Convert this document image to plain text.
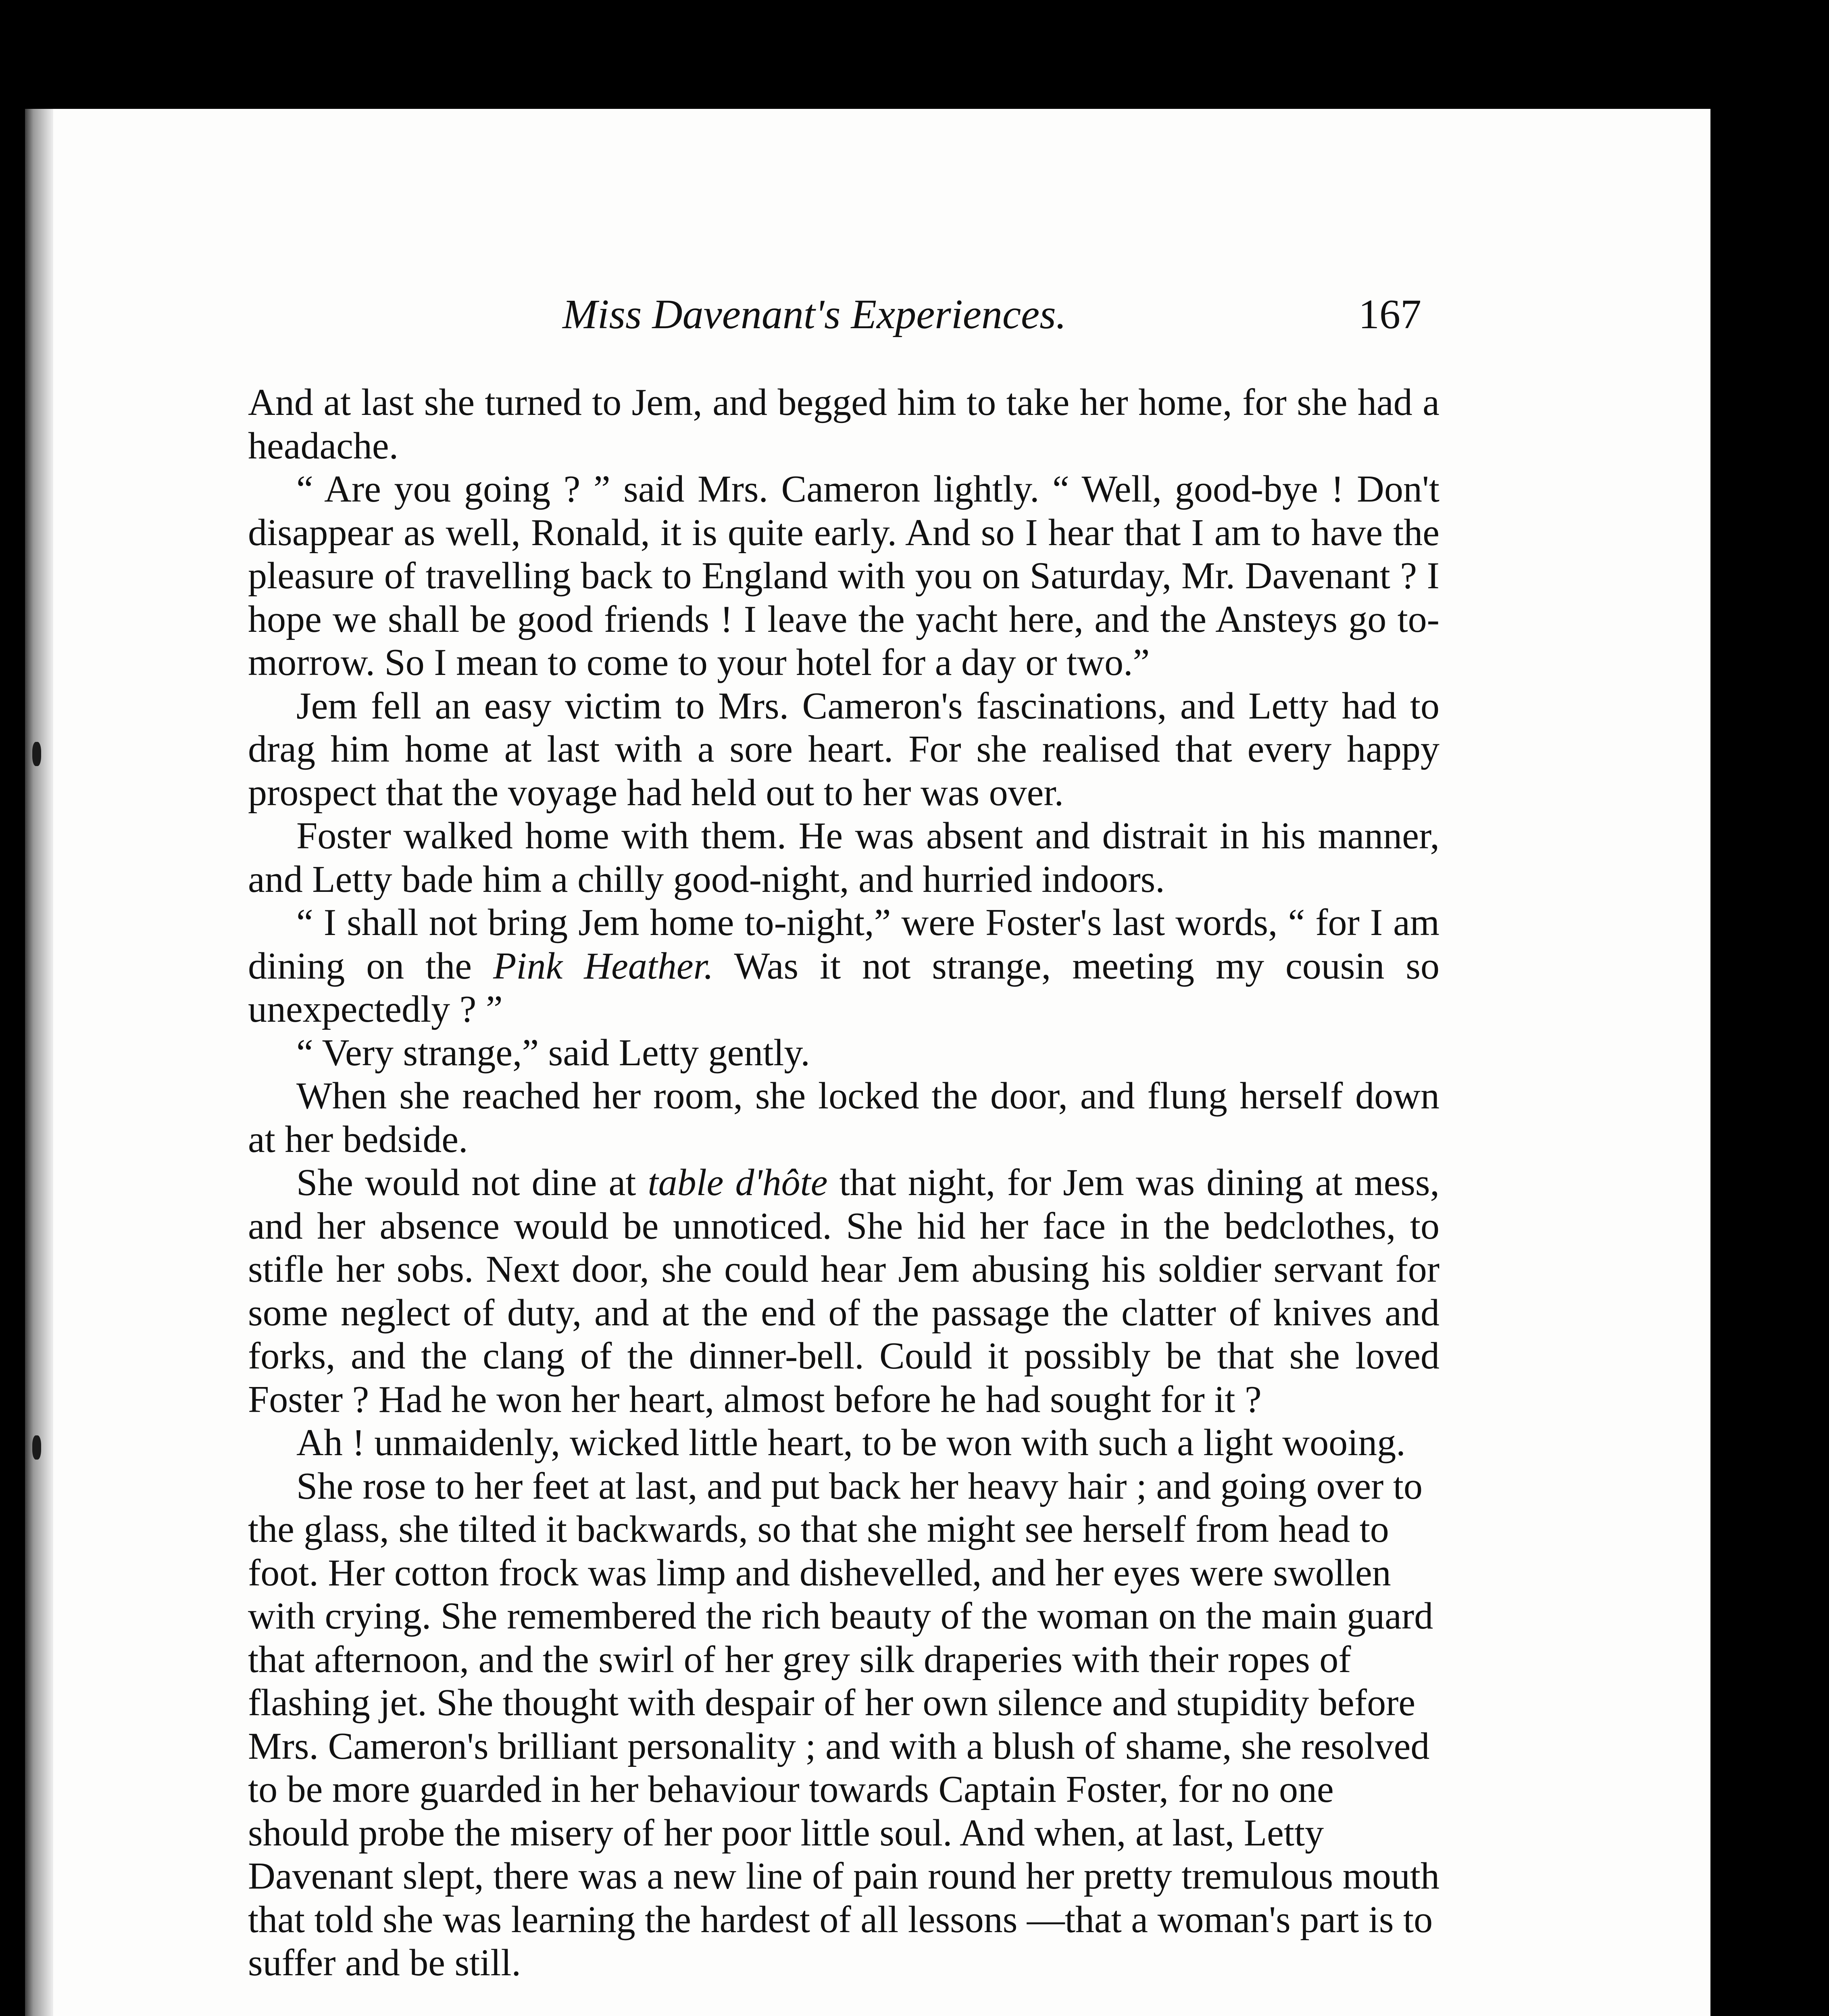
Miss Davenant's Experiences.	167

And at last she turned to Jem, and begged him to take her home, for she had a headache.

“ Are you going ? ” said Mrs. Cameron lightly. “ Well, good-bye ! Don't disappear as well, Ronald, it is quite early. And so I hear that I am to have the pleasure of travelling back to England with you on Saturday, Mr. Davenant ? I hope we shall be good friends ! I leave the yacht here, and the Ansteys go to-morrow. So I mean to come to your hotel for a day or two.”

Jem fell an easy victim to Mrs. Cameron's fascinations, and Letty had to drag him home at last with a sore heart. For she realised that every happy prospect that the voyage had held out to her was over.

Foster walked home with them. He was absent and distrait in his manner, and Letty bade him a chilly good-night, and hurried indoors.

“ I shall not bring Jem home to-night,” were Foster's last words, “ for I am dining on the Pink Heather. Was it not strange, meeting my cousin so unexpectedly ? ”

“ Very strange,” said Letty gently.

When she reached her room, she locked the door, and flung herself down at her bedside.

She would not dine at table d'hôte that night, for Jem was dining at mess, and her absence would be unnoticed. She hid her face in the bedclothes, to stifle her sobs. Next door, she could hear Jem abusing his soldier servant for some neglect of duty, and at the end of the passage the clatter of knives and forks, and the clang of the dinner-bell. Could it possibly be that she loved Foster ? Had he won her heart, almost before he had sought for it ?

Ah ! unmaidenly, wicked little heart, to be won with such a light wooing.

She rose to her feet at last, and put back her heavy hair ; and going over to the glass, she tilted it backwards, so that she might see herself from head to foot. Her cotton frock was limp and dishevelled, and her eyes were swollen with crying. She remembered the rich beauty of the woman on the main guard that afternoon, and the swirl of her grey silk draperies with their ropes of flashing jet. She thought with despair of her own silence and stupidity before Mrs. Cameron's brilliant personality ; and with a blush of shame, she resolved to be more guarded in her behaviour towards Captain Foster, for no one should probe the misery of her poor little soul. And when, at last, Letty Davenant slept, there was a new line of pain round her pretty tremulous mouth that told she was learning the hardest of all lessons —that a woman's part is to suffer and be still.
